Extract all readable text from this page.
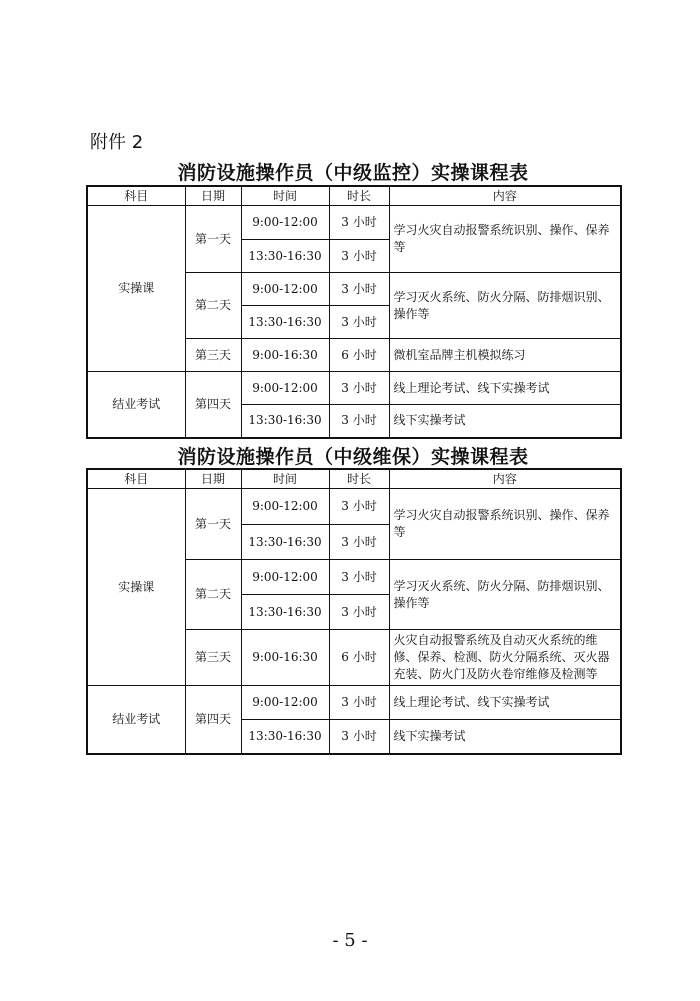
附件 2
消防设施操作员（中级监控）实操课程表
科目	日期	时间	时长	内容
实操课	第一天	9:00-12:00	3 小时	学习火灾自动报警系统识别、操作、保养等
		13:30-16:30	3 小时	
	第二天	9:00-12:00	3 小时	学习灭火系统、防火分隔、防排烟识别、操作等
		13:30-16:30	3 小时	
	第三天	9:00-16:30	6 小时	微机室品牌主机模拟练习
结业考试	第四天	9:00-12:00	3 小时	线上理论考试、线下实操考试
		13:30-16:30	3 小时	线下实操考试
消防设施操作员（中级维保）实操课程表
科目	日期	时间	时长	内容
实操课	第一天	9:00-12:00	3 小时	学习火灾自动报警系统识别、操作、保养等
		13:30-16:30	3 小时	
	第二天	9:00-12:00	3 小时	学习灭火系统、防火分隔、防排烟识别、操作等
		13:30-16:30	3 小时	
	第三天	9:00-16:30	6 小时	火灾自动报警系统及自动灭火系统的维修、保养、检测、防火分隔系统、灭火器充装、防火门及防火卷帘维修及检测等
结业考试	第四天	9:00-12:00	3 小时	线上理论考试、线下实操考试
		13:30-16:30	3 小时	线下实操考试
- 5 -
